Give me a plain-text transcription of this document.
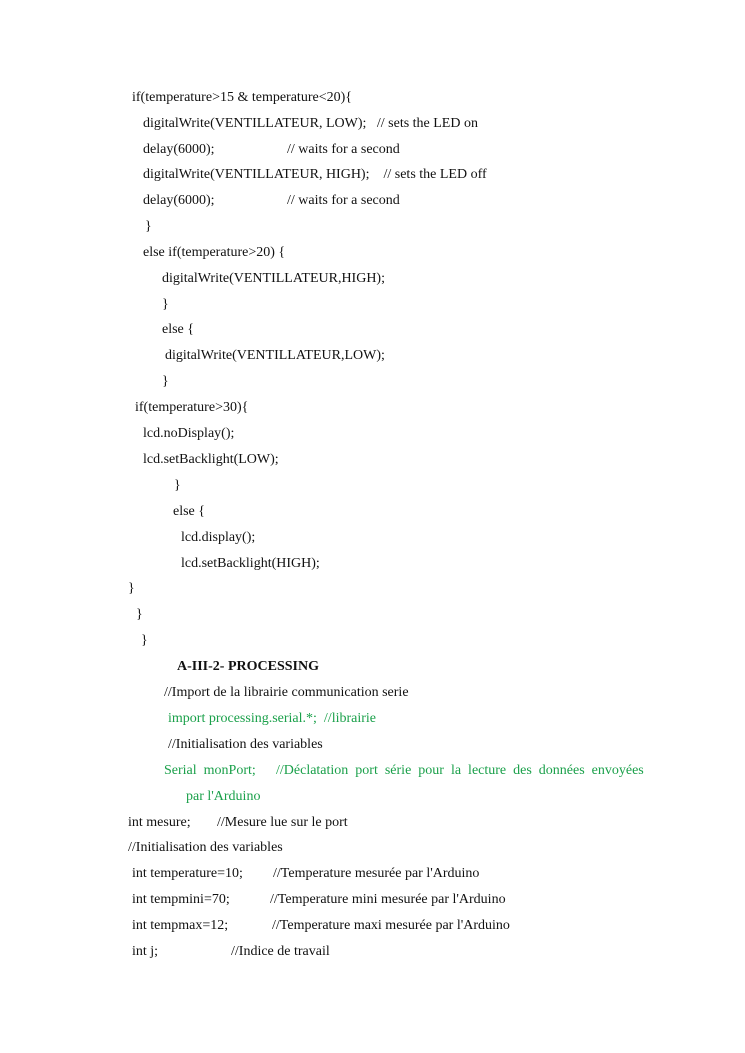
if(temperature>15 & temperature<20){
digitalWrite(VENTILLATEUR, LOW);   // sets the LED on
delay(6000);	// waits for a second
digitalWrite(VENTILLATEUR, HIGH);    // sets the LED off
delay(6000);	// waits for a second
}
else if(temperature>20) {
digitalWrite(VENTILLATEUR,HIGH);
}
else {
digitalWrite(VENTILLATEUR,LOW);
}
if(temperature>30){
lcd.noDisplay();
lcd.setBacklight(LOW);
}
else {
lcd.display();
lcd.setBacklight(HIGH);
}
}
}
A-III-2- PROCESSING
//Import de la librairie communication serie
import processing.serial.*;  //librairie
//Initialisation des variables
Serial  monPort; //Déclatation  port  série  pour  la  lecture  des  données  envoyées
par l'Arduino
int mesure; //Mesure lue sur le port
//Initialisation des variables
int temperature=10; //Temperature mesurée par l'Arduino
int tempmini=70;	//Temperature mini mesurée par l'Arduino
int tempmax=12;	//Temperature maxi mesurée par l'Arduino
int j;	//Indice de travail
